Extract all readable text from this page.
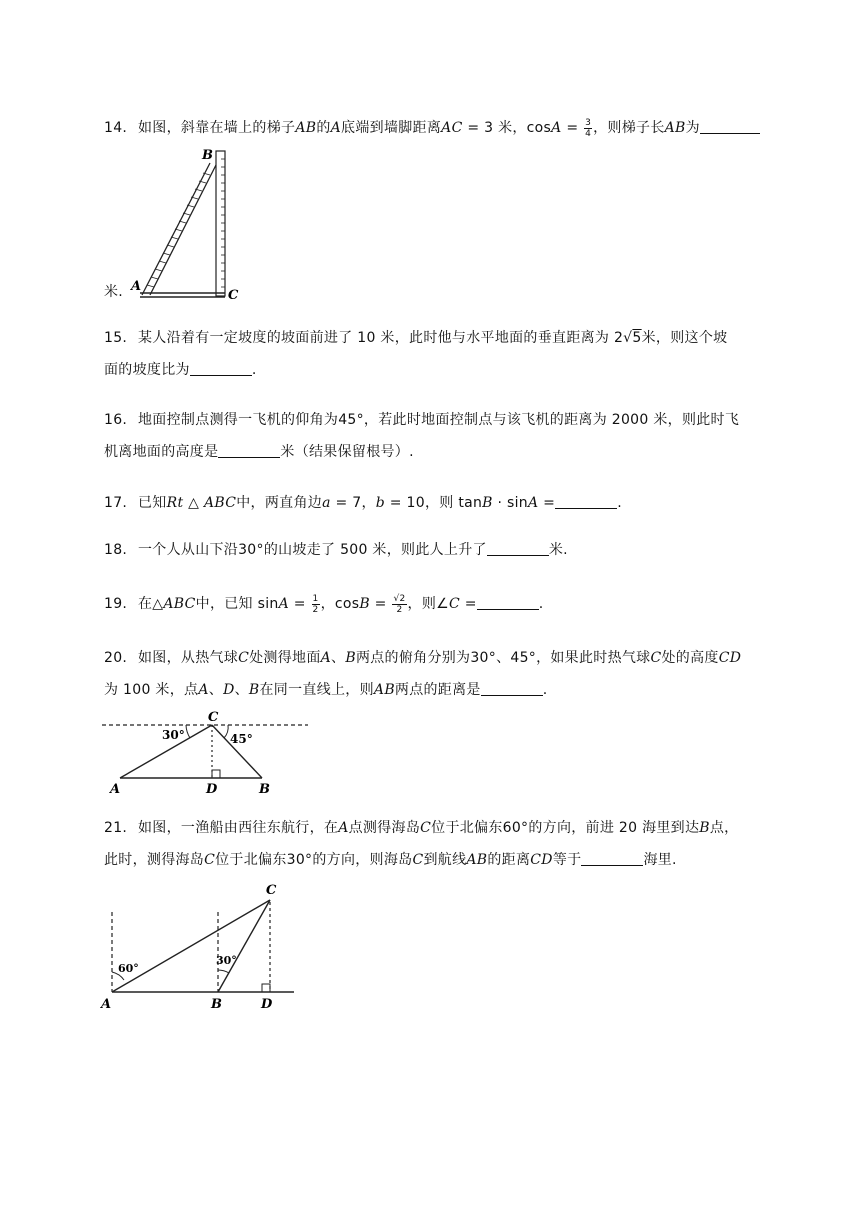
14. 如图，斜靠在墙上的梯子AB的A底端到墙脚距离AC = 3 米，$\cos A = \frac{3}{4}$ ，则梯子长AB为
B
A
C
米.
15. 某人沿着有一定坡度的坡面前进了 10 米，此时他与水平地面的垂直距离为 2√5米，则这个坡
面的坡度比为	.
16. 地面控制点测得一飞机的仰角为45°，若此时地面控制点与该飞机的距离为 2000 米，则此时飞
机离地面的高度是	米（结果保留根号）.
17. 已知Rt △ ABC中，两直角边a = 7，b = 10，则 tanB · sinA =	.
18. 一个人从山下沿30°的山坡走了 500 米，则此人上升了	米.
19. 在△ABC中，已知 $\sin A = \frac{1}{2}$ ，$\cos B = \frac{√2}{2}$ ，则∠C =	.
20. 如图，从热气球C处测得地面A、B两点的俯角分别为30°、45°，如果此时热气球C处的高度CD
为 100 米，点A、D、B在同一直线上，则AB两点的距离是	.
C
A	D	B
30°	45°
21. 如图，一渔船由西往东航行，在A点测得海岛C位于北偏东60°的方向，前进 20 海里到达B点，
此时，测得海岛C位于北偏东30°的方向，则海岛C到航线AB的距离CD等于	海里.
C
A	B	D
60°
30°
